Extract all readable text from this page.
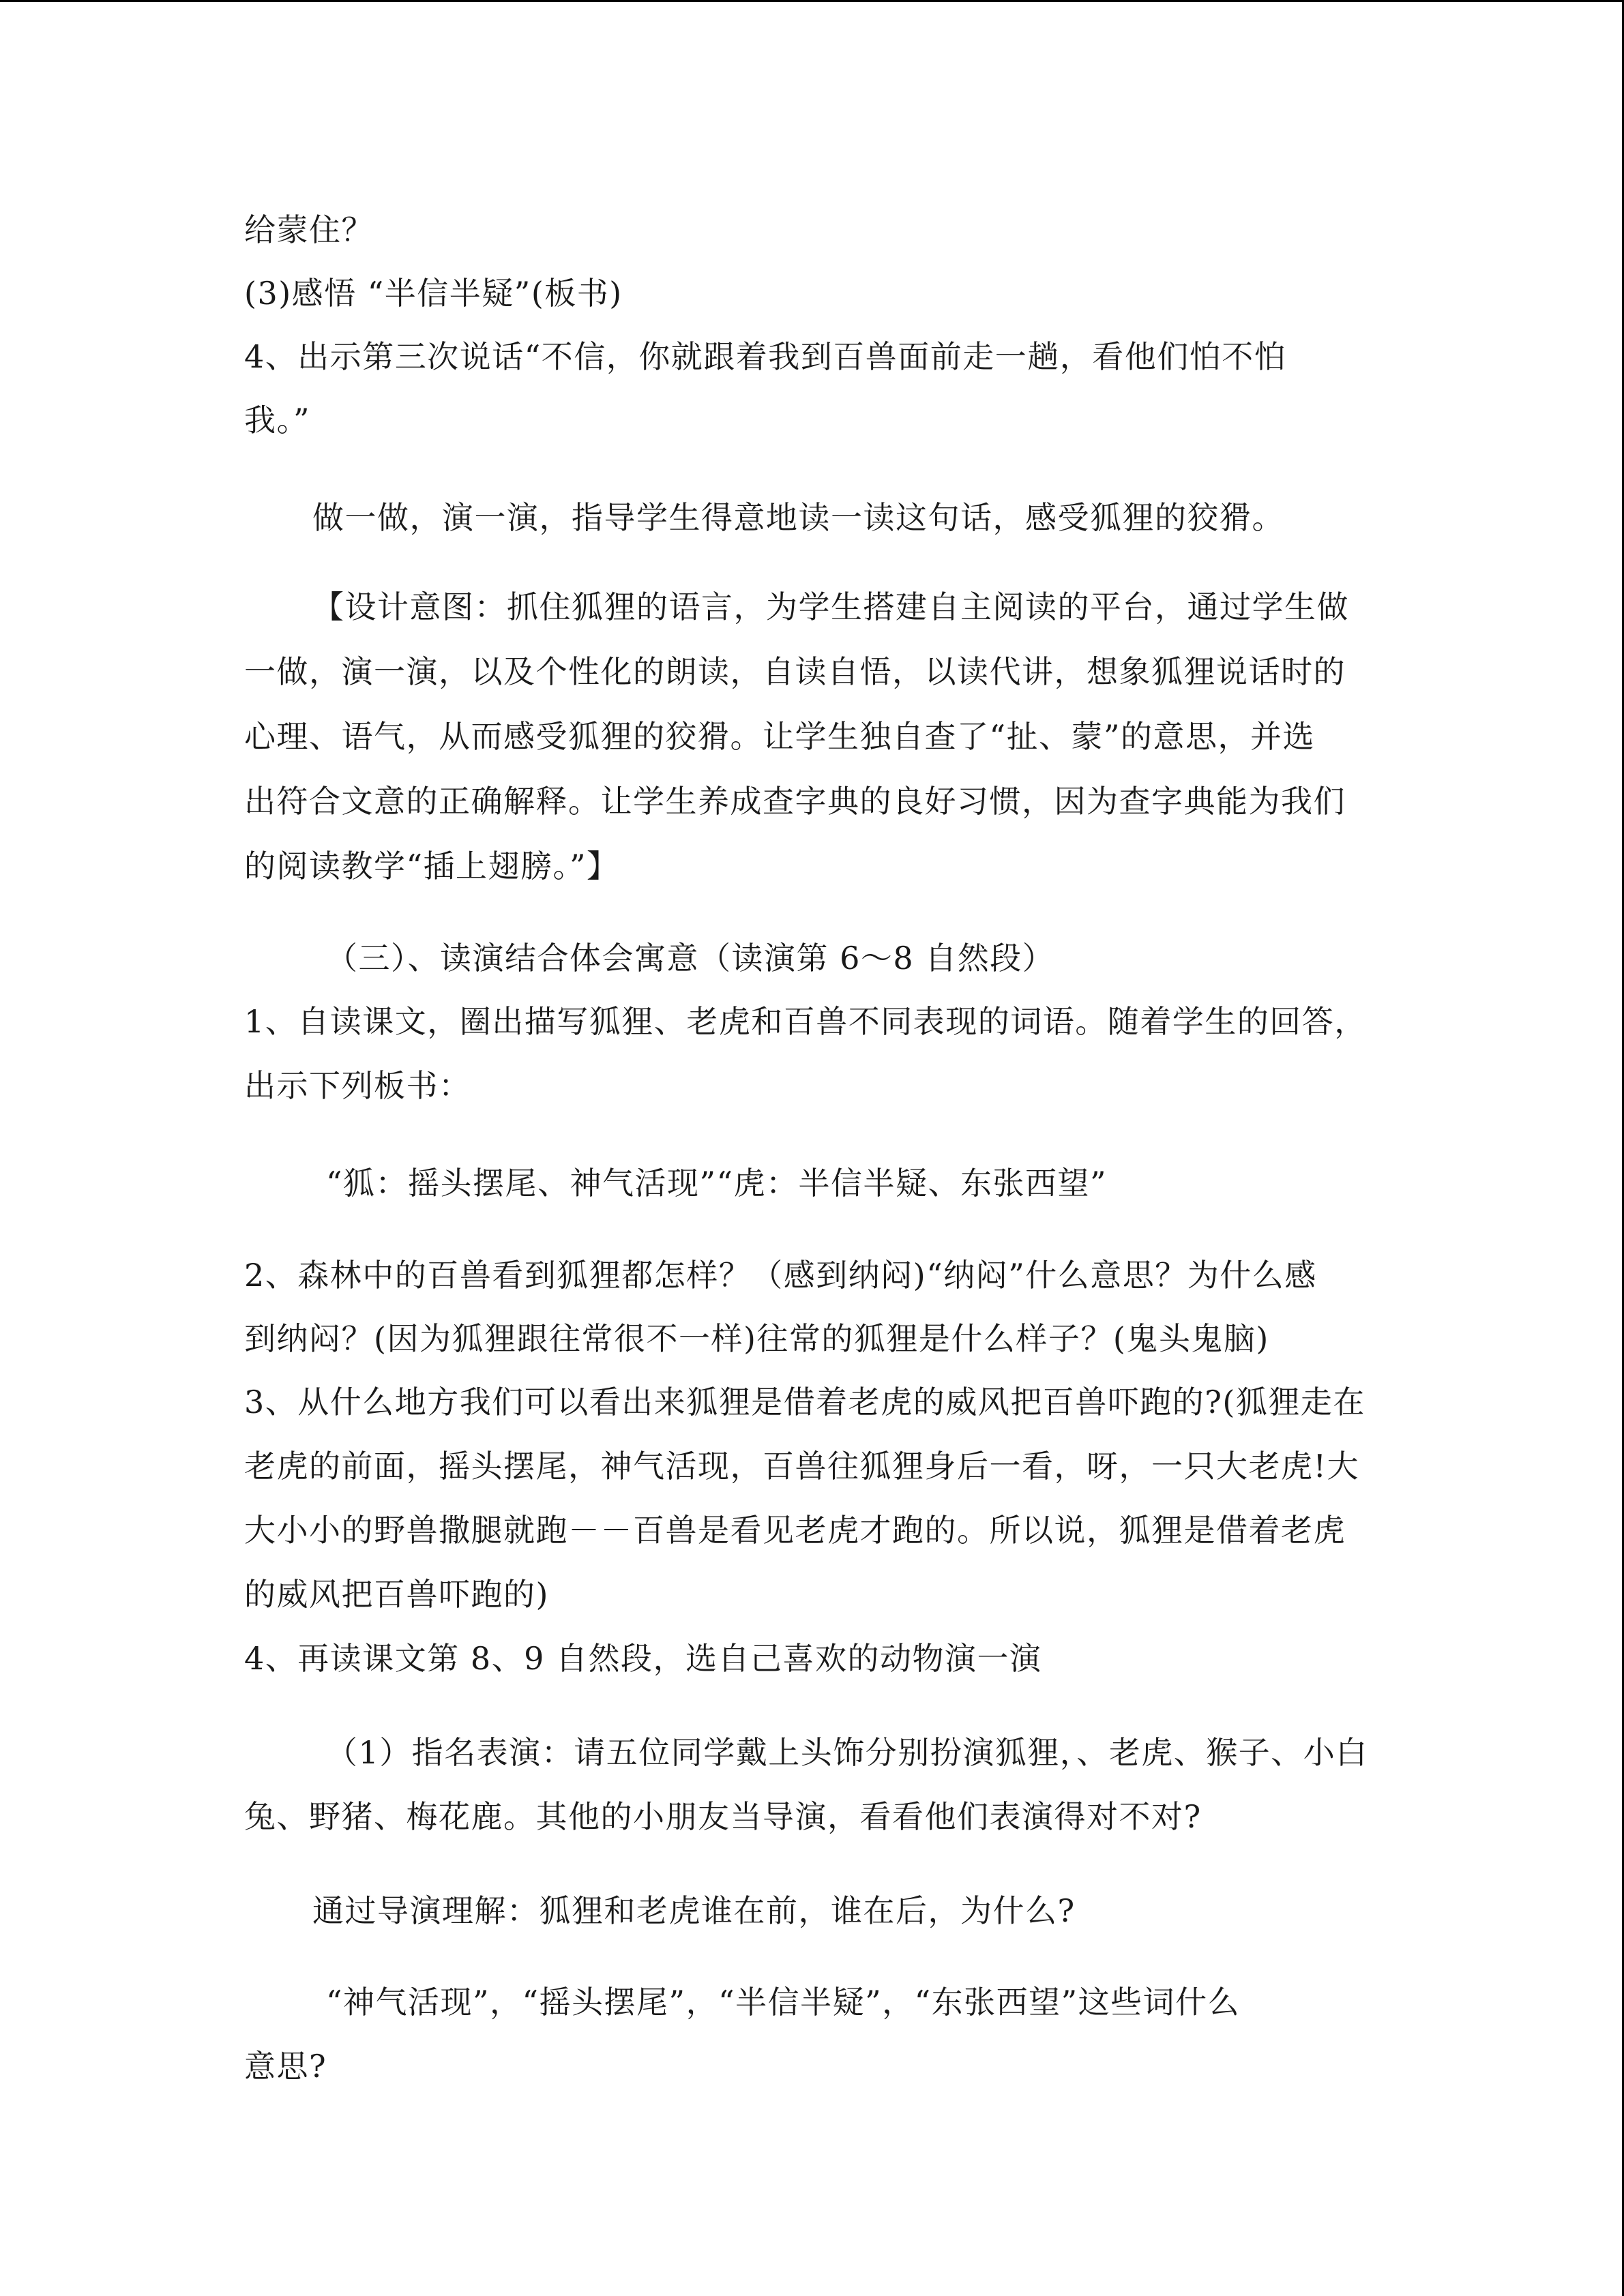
给蒙住？

(3)感悟 “半信半疑”(板书)

4、出示第三次说话“不信，你就跟着我到百兽面前走一趟，看他们怕不怕

我。”

做一做，演一演，指导学生得意地读一读这句话，感受狐狸的狡猾。

【设计意图：抓住狐狸的语言，为学生搭建自主阅读的平台，通过学生做

一做，演一演，以及个性化的朗读，自读自悟，以读代讲，想象狐狸说话时的

心理、语气，从而感受狐狸的狡猾。让学生独自查了“扯、蒙”的意思，并选

出符合文意的正确解释。让学生养成查字典的良好习惯，因为查字典能为我们

的阅读教学“插上翅膀。”】

（三）、读演结合体会寓意（读演第 6～8 自然段）

1、自读课文，圈出描写狐狸、老虎和百兽不同表现的词语。随着学生的回答，

出示下列板书：

“狐：摇头摆尾、神气活现”“虎：半信半疑、东张西望”

2、森林中的百兽看到狐狸都怎样？（感到纳闷)“纳闷”什么意思？为什么感

到纳闷？(因为狐狸跟往常很不一样)往常的狐狸是什么样子？(鬼头鬼脑)

3、从什么地方我们可以看出来狐狸是借着老虎的威风把百兽吓跑的?(狐狸走在

老虎的前面，摇头摆尾，神气活现，百兽往狐狸身后一看，呀，一只大老虎!大

大小小的野兽撒腿就跑－－百兽是看见老虎才跑的。所以说，狐狸是借着老虎

的威风把百兽吓跑的)

4、再读课文第 8、9 自然段，选自己喜欢的动物演一演

（1）指名表演：请五位同学戴上头饰分别扮演狐狸，、老虎、猴子、小白

兔、野猪、梅花鹿。其他的小朋友当导演，看看他们表演得对不对?

通过导演理解：狐狸和老虎谁在前，谁在后，为什么?

“神气活现”，“摇头摆尾”，“半信半疑”，“东张西望”这些词什么

意思?
